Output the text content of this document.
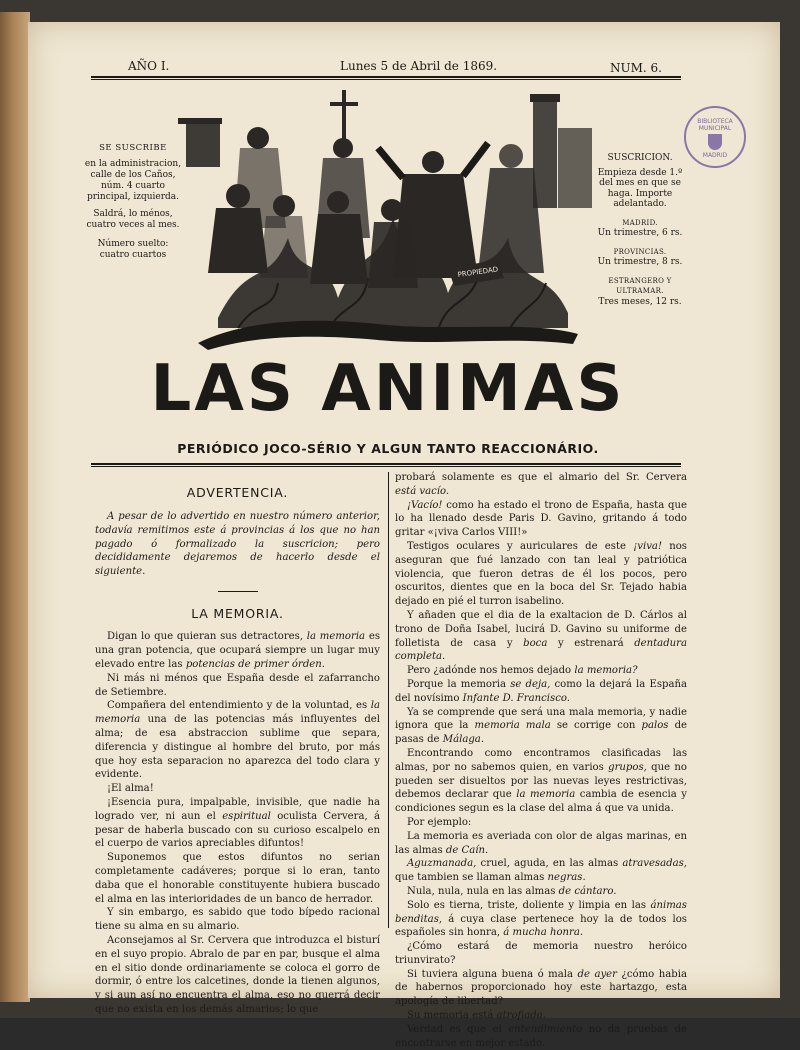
AÑO I.	Lunes 5 de Abril de 1869.	NUM. 6.
SE SUSCRIBE
en la administracion, calle de los Caños, núm. 4 cuarto principal, izquierda.
Saldrá, lo ménos, cuatro veces al mes.
Número suelto: cuatro cuartos
PROPIEDAD
SUSCRICION.
Empieza desde 1.º del mes en que se haga. Importe adelantado.
MADRID.
Un trimestre, 6 rs.
PROVINCIAS.
Un trimestre, 8 rs.
ESTRANGERO Y ULTRAMAR.
Tres meses, 12 rs.
BIBLIOTECA MUNICIPAL
MADRID
LAS ANIMAS
PERIÓDICO JOCO-SÉRIO Y ALGUN TANTO REACCIONÁRIO.
ADVERTENCIA.

A pesar de lo advertido en nuestro número anterior, todavía remitimos este á provincias á los que no han pagado ó formalizado la suscricion; pero decididamente dejaremos de hacerlo desde el siguiente.

LA MEMORIA.

Digan lo que quieran sus detractores, la memoria es una gran potencia, que ocupará siempre un lugar muy elevado entre las potencias de primer órden.

Ni más ni ménos que España desde el zafarrancho de Setiembre.

Compañera del entendimiento y de la voluntad, es la memoria una de las potencias más influyentes del alma; de esa abstraccion sublime que separa, diferencia y distingue al hombre del bruto, por más que hoy esta separacion no aparezca del todo clara y evidente.

¡El alma!

¡Esencia pura, impalpable, invisible, que nadie ha logrado ver, ni aun el espiritual oculista Cervera, á pesar de haberla buscado con su curioso escalpelo en el cuerpo de varios apreciables difuntos!

Suponemos que estos difuntos no serian completamente cadáveres; porque si lo eran, tanto daba que el honorable constituyente hubiera buscado el alma en las interioridades de un banco de herrador.

Y sin embargo, es sabido que todo bípedo racional tiene su alma en su almario.

Aconsejamos al Sr. Cervera que introduzca el bisturí en el suyo propio. Abralo de par en par, busque el alma en el sitio donde ordinariamente se coloca el gorro de dormir, ó entre los calcetines, donde la tienen algunos, y si aun así no encuentra el alma, eso no querrá decir que no exista en los demás almarios; lo que

probará solamente es que el almario del Sr. Cervera está vacío.

¡Vacío! como ha estado el trono de España, hasta que lo ha llenado desde Paris D. Gavino, gritando á todo gritar «¡viva Carlos VIII!»

Testigos oculares y auriculares de este ¡viva! nos aseguran que fué lanzado con tan leal y patriótica violencia, que fueron detras de él los pocos, pero oscuritos, dientes que en la boca del Sr. Tejado habia dejado en pié el turron isabelino.

Y añaden que el dia de la exaltacion de D. Cárlos al trono de Doña Isabel, lucirá D. Gavino su uniforme de folletista de casa y boca y estrenará dentadura completa.

Pero ¿adónde nos hemos dejado la memoria?

Porque la memoria se deja, como la dejará la España del novísimo Infante D. Francisco.

Ya se comprende que será una mala memoria, y nadie ignora que la memoria mala se corrige con palos de pasas de Málaga.

Encontrando como encontramos clasificadas las almas, por no sabemos quien, en varios grupos, que no pueden ser disueltos por las nuevas leyes restrictivas, debemos declarar que la memoria cambia de esencia y condiciones segun es la clase del alma á que va unida.

Por ejemplo:

La memoria es averiada con olor de algas marinas, en las almas de Caín.

Aguzmanada, cruel, aguda, en las almas atravesadas, que tambien se llaman almas negras.

Nula, nula, nula en las almas de cántaro.

Solo es tierna, triste, doliente y limpia en las ánimas benditas, á cuya clase pertenece hoy la de todos los españoles sin honra, á mucha honra.

¿Cómo estará de memoria nuestro heróico triunvirato?

Si tuviera alguna buena ó mala de ayer ¿cómo habia de habernos proporcionado hoy este hartazgo, esta apología de libertad?

Su memoria está atrofiada.

Verdad es que el entendimiento no da pruebas de encontrarse en mejor estado.
